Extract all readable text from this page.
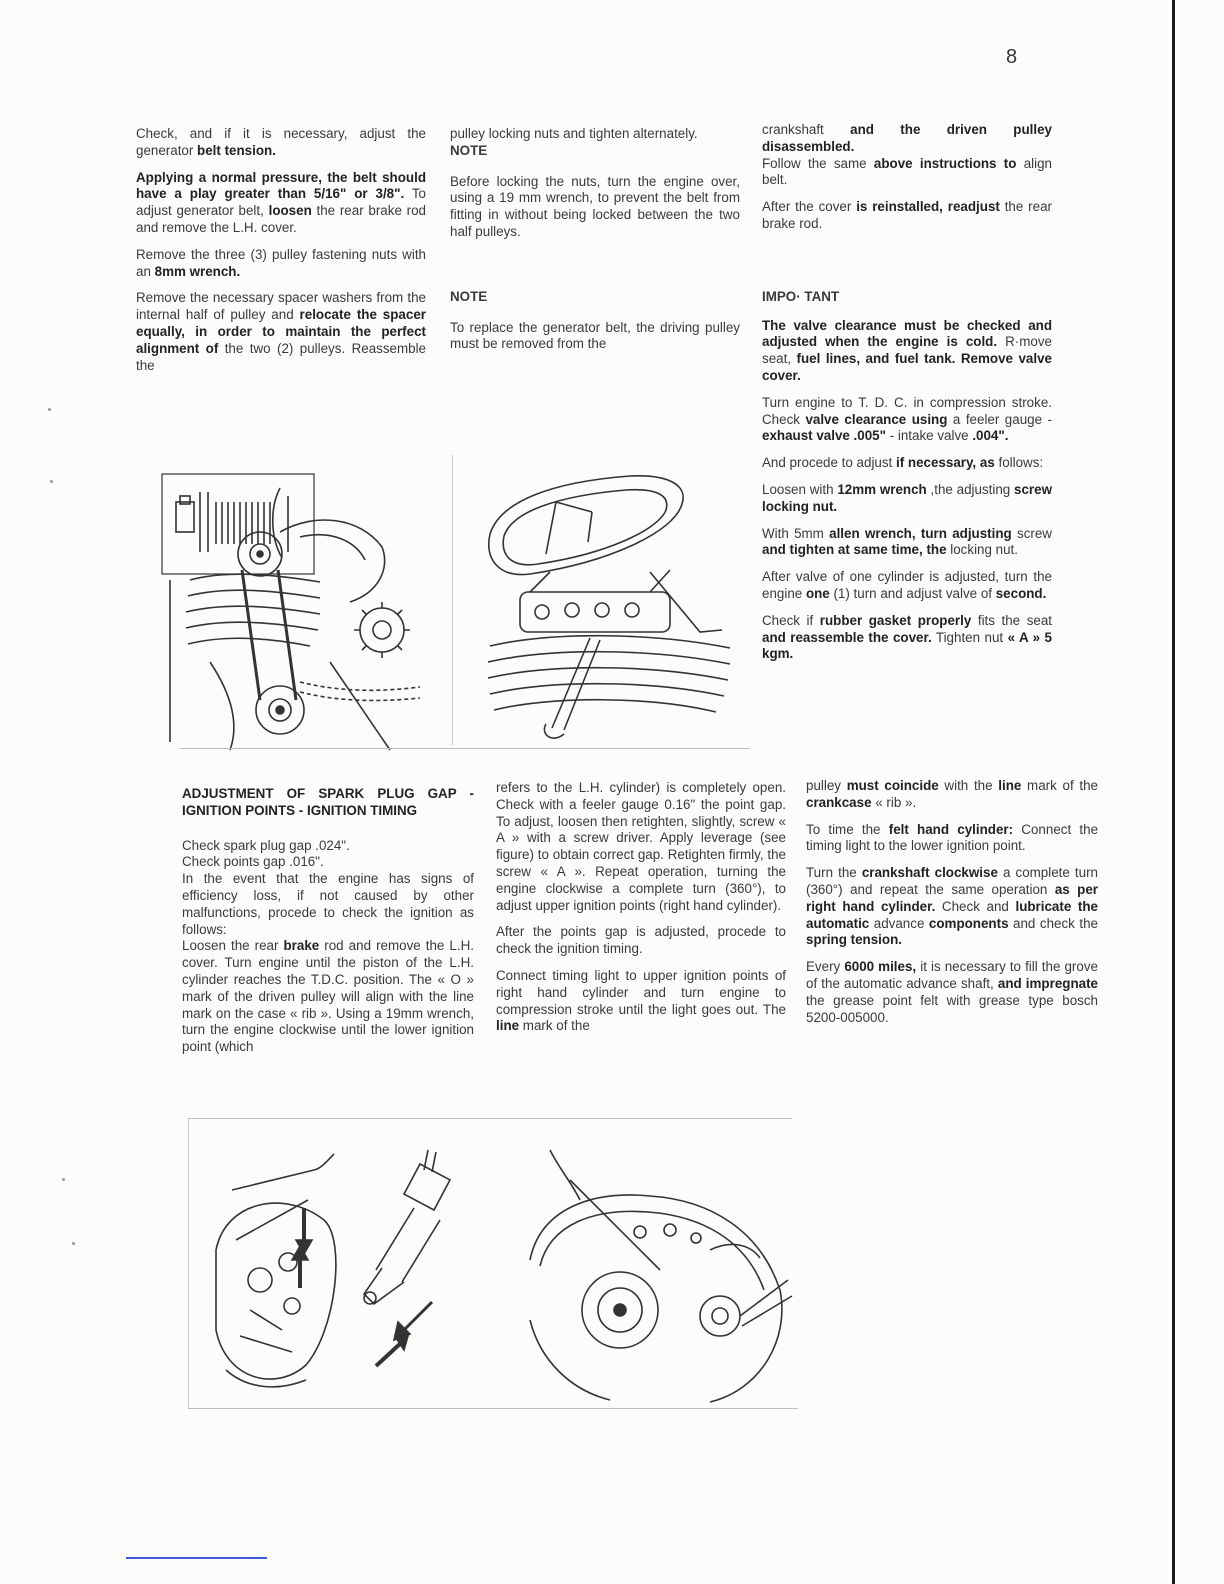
8

Check, and if it is necessary, adjust the generator belt tension.

Applying a normal pressure, the belt should have a play greater than 5/16" or 3/8". To adjust generator belt, loosen the rear brake rod and remove the L.H. cover.

Remove the three (3) pulley fastening nuts with an 8mm wrench.

Remove the necessary spacer washers from the internal half of pulley and relocate the spacer equally, in order to maintain the perfect alignment of the two (2) pulleys. Reassemble the

pulley locking nuts and tighten alternately.

NOTE

Before locking the nuts, turn the engine over, using a 19 mm wrench, to prevent the belt from fitting in without being locked between the two half pulleys.

NOTE

To replace the generator belt, the driving pulley must be removed from the

crankshaft and the driven pulley disassembled.

Follow the same above instructions to align belt.

After the cover is reinstalled, readjust the rear brake rod.

IMPO· TANT

The valve clearance must be checked and adjusted when the engine is cold. R·move seat, fuel lines, and fuel tank. Remove valve cover.

Turn engine to T. D. C. in compression stroke. Check valve clearance using a feeler gauge - exhaust valve .005" - intake valve .004".

And procede to adjust if necessary, as follows:

Loosen with 12mm wrench ,the adjusting screw locking nut.

With 5mm allen wrench, turn adjusting screw and tighten at same time, the locking nut.

After valve of one cylinder is adjusted, turn the engine one (1) turn and adjust valve of second.

Check if rubber gasket properly fits the seat and reassemble the cover. Tighten nut « A » 5 kgm.

ADJUSTMENT OF SPARK PLUG GAP - IGNITION POINTS - IGNITION TIMING
Check spark plug gap .024".
Check points gap .016".
In the event that the engine has signs of efficiency loss, if not caused by other malfunctions, procede to check the ignition as follows:
Loosen the rear brake rod and remove the L.H. cover. Turn engine until the piston of the L.H. cylinder reaches the T.D.C. position. The « O » mark of the driven pulley will align with the line mark on the case « rib ». Using a 19mm wrench, turn the engine clockwise until the lower ignition point (which

refers to the L.H. cylinder) is completely open. Check with a feeler gauge 0.16" the point gap. To adjust, loosen then retighten, slightly, screw « A » with a screw driver. Apply leverage (see figure) to obtain correct gap. Retighten firmly, the screw « A ». Repeat operation, turning the engine clockwise a complete turn (360°), to adjust upper ignition points (right hand cylinder).

After the points gap is adjusted, procede to check the ignition timing.

Connect timing light to upper ignition points of right hand cylinder and turn engine to compression stroke until the light goes out. The line mark of the

pulley must coincide with the line mark of the crankcase « rib ».

To time the felt hand cylinder: Connect the timing light to the lower ignition point.

Turn the crankshaft clockwise a complete turn (360°) and repeat the same operation as per right hand cylinder. Check and lubricate the automatic advance components and check the spring tension.

Every 6000 miles, it is necessary to fill the grove of the automatic advance shaft, and impregnate the grease point felt with grease type bosch 5200-005000.
